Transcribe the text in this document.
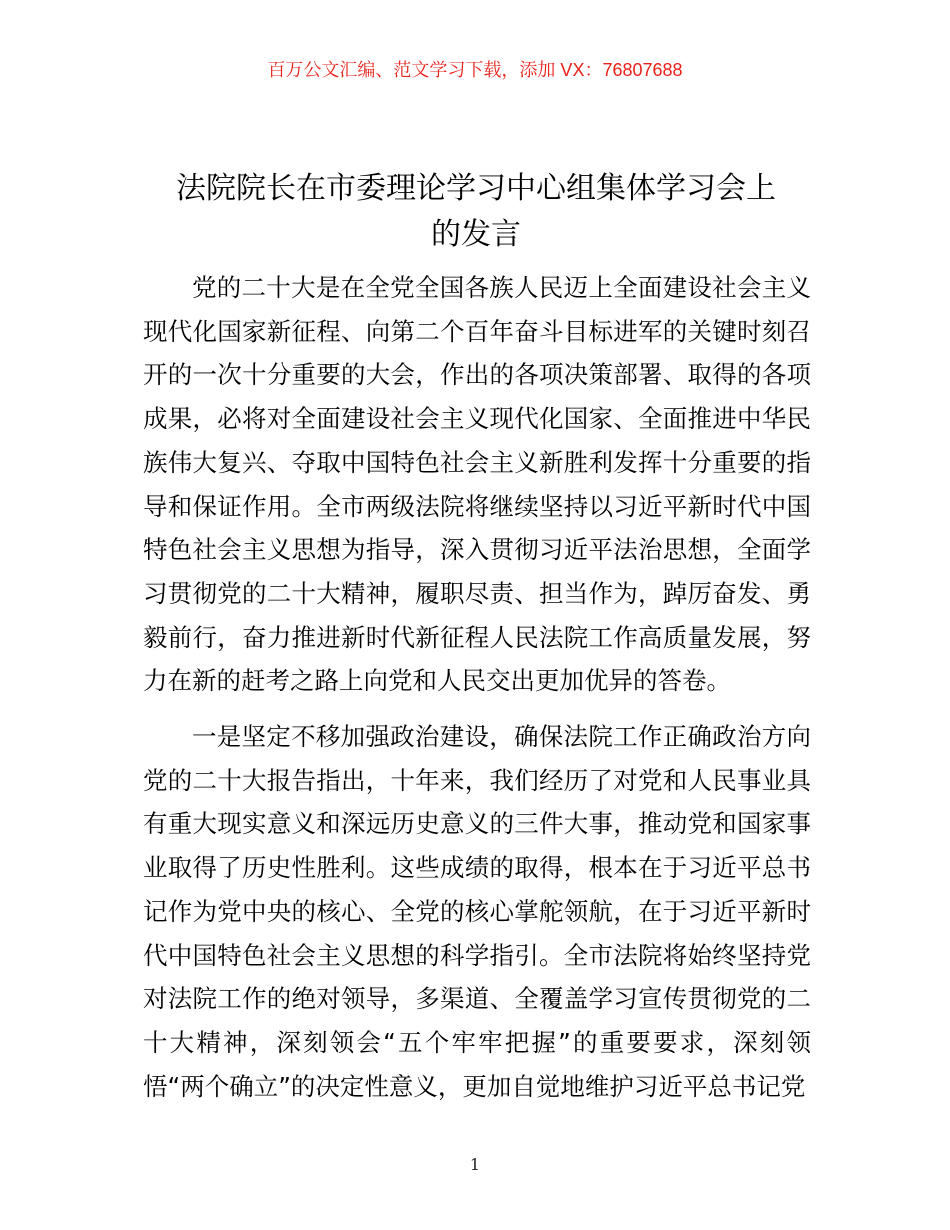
百万公文汇编、范文学习下载，添加 VX：76807688
法院院长在市委理论学习中心组集体学习会上
的发言

党的二十大是在全党全国各族人民迈上全面建设社会主义现代化国家新征程、向第二个百年奋斗目标进军的关键时刻召开的一次十分重要的大会，作出的各项决策部署、取得的各项成果，必将对全面建设社会主义现代化国家、全面推进中华民族伟大复兴、夺取中国特色社会主义新胜利发挥十分重要的指导和保证作用。全市两级法院将继续坚持以习近平新时代中国特色社会主义思想为指导，深入贯彻习近平法治思想，全面学习贯彻党的二十大精神，履职尽责、担当作为，踔厉奋发、勇毅前行，奋力推进新时代新征程人民法院工作高质量发展，努力在新的赶考之路上向党和人民交出更加优异的答卷。

一是坚定不移加强政治建设，确保法院工作正确政治方向党的二十大报告指出，十年来，我们经历了对党和人民事业具有重大现实意义和深远历史意义的三件大事，推动党和国家事业取得了历史性胜利。这些成绩的取得，根本在于习近平总书记作为党中央的核心、全党的核心掌舵领航，在于习近平新时代中国特色社会主义思想的科学指引。全市法院将始终坚持党对法院工作的绝对领导，多渠道、全覆盖学习宣传贯彻党的二十大精神，深刻领会“五个牢牢把握”的重要要求，深刻领悟“两个确立”的决定性意义，更加自觉地维护习近平总书记党

1
